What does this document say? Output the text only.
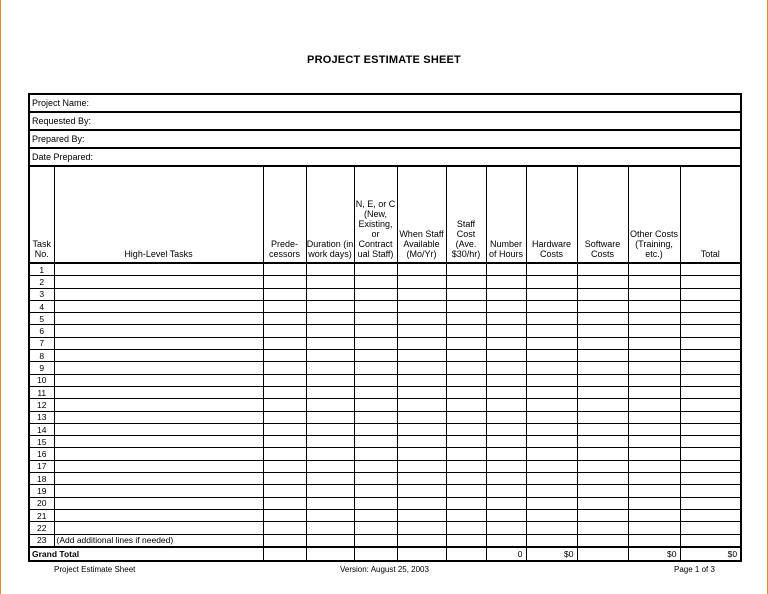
PROJECT ESTIMATE SHEET
Project Name:											
Requested By:											
Prepared By:											
Date Prepared:											
Task No.	High-Level Tasks	Prede- cessors	Duration (in work days)	N, E, or C (New, Existing, or Contract ual Staff)	When Staff Available (Mo/Yr)	Staff Cost (Ave. $30/hr)	Number of Hours	Hardware Costs	Software Costs	Other Costs (Training, etc.)	Total
1											
2											
3											
4											
5											
6											
7											
8											
9											
10											
11											
12											
13											
14											
15											
16											
17											
18											
19											
20											
21											
22											
23	(Add additional lines if needed)										
Grand Total							0	$0		$0	$0
Project Estimate Sheet	Version: August 25, 2003	Page 1 of 3
